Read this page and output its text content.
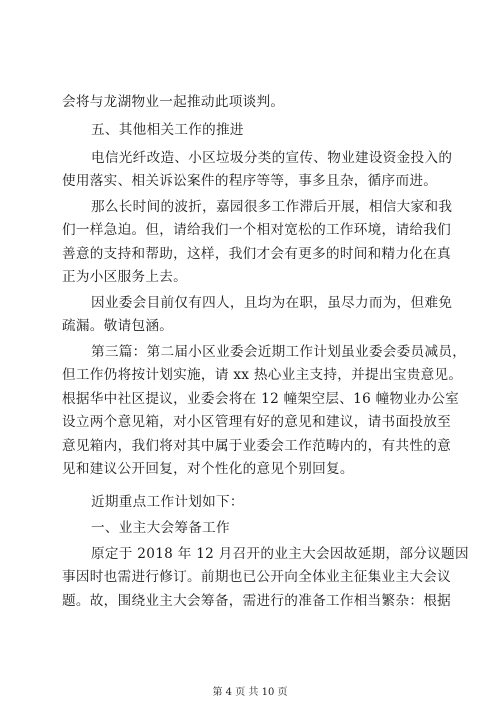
会将与龙湖物业一起推动此项谈判。
五、其他相关工作的推进
电信光纤改造、小区垃圾分类的宣传、物业建设资金投入的
使用落实、相关诉讼案件的程序等等，事多且杂，循序而进。
那么长时间的波折，嘉园很多工作滞后开展，相信大家和我
们一样急迫。但，请给我们一个相对宽松的工作环境，请给我们
善意的支持和帮助，这样，我们才会有更多的时间和精力化在真
正为小区服务上去。
因业委会目前仅有四人，且均为在职，虽尽力而为，但难免
疏漏。敬请包涵。
第三篇：第二届小区业委会近期工作计划虽业委会委员减员，
但工作仍将按计划实施，请 xx 热心业主支持，并提出宝贵意见。
根据华中社区提议，业委会将在 12 幢架空层、16 幢物业办公室
设立两个意见箱，对小区管理有好的意见和建议，请书面投放至
意见箱内，我们将对其中属于业委会工作范畴内的，有共性的意
见和建议公开回复，对个性化的意见个别回复。
近期重点工作计划如下：
一、业主大会筹备工作
原定于 2018 年 12 月召开的业主大会因故延期，部分议题因
事因时也需进行修订。前期也已公开向全体业主征集业主大会议
题。故，围绕业主大会筹备，需进行的准备工作相当繁杂：根据
第 4 页 共 10 页
